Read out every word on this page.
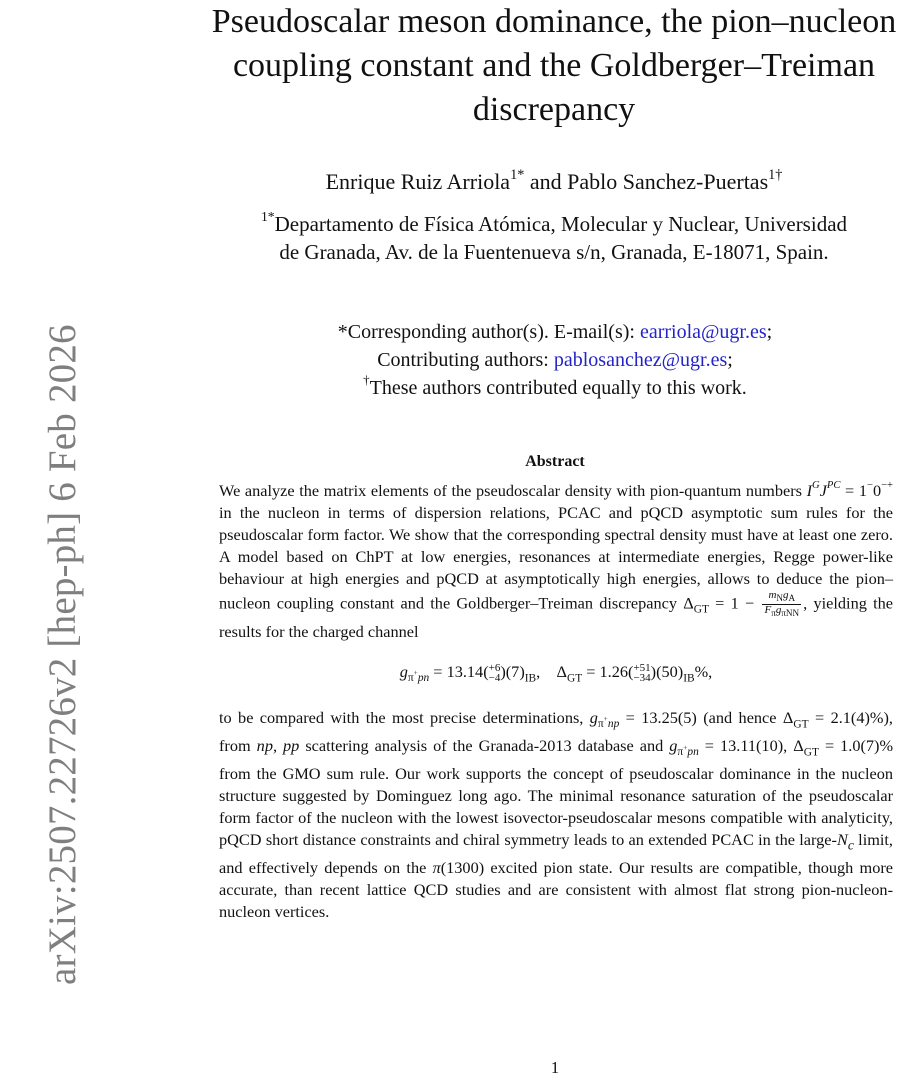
arXiv:2507.22726v2 [hep-ph] 6 Feb 2026
Pseudoscalar meson dominance, the pion–nucleon
coupling constant and the Goldberger–Treiman
discrepancy
Enrique Ruiz Arriola$^{1*}$ and Pablo Sanchez-Puertas$^{1\dagger}$
$^{1*}$Departamento de Física Atómica, Molecular y Nuclear, Universidad
de Granada, Av. de la Fuentenueva s/n, Granada, E-18071, Spain.
*Corresponding author(s). E-mail(s): earriola@ugr.es;
Contributing authors: pablosanchez@ugr.es;
†These authors contributed equally to this work.
Abstract

We analyze the matrix elements of the pseudoscalar density with pion-quantum numbers $I^GJ^{PC} = 1^-0^{-+}$ in the nucleon in terms of dispersion relations, PCAC and pQCD asymptotic sum rules for the pseudoscalar form factor. We show that the corresponding spectral density must have at least one zero. A model based on ChPT at low energies, resonances at intermediate energies, Regge power-like behaviour at high energies and pQCD at asymptotically high energies, allows to deduce the pion–nucleon coupling constant and the Goldberger–Treiman discrepancy $\Delta_{GT} = 1 - \frac{m_Ng_A}{F_\pi g_{\pi NN}}$ , yielding the results for the charged channel

$g_{\pi^+pn} = 13.14( +6$
−4 )$(7)_{IB}$,    $\Delta_{GT} = 1.26( +51$
−34 )$(50)_{IB}\%$,

to be compared with the most precise determinations, $g_{\pi^+np} = 13.25(5)$ (and hence $\Delta_{GT} = 2.1(4)\%$), from np, pp scattering analysis of the Granada-2013 database and $g_{\pi^+pn} = 13.11(10)$, $\Delta_{GT} = 1.0(7)\%$ from the GMO sum rule. Our work supports the concept of pseudoscalar dominance in the nucleon structure suggested by Dominguez long ago. The minimal resonance saturation of the pseudoscalar form factor of the nucleon with the lowest isovector-pseudoscalar mesons compatible with analyticity, pQCD short distance constraints and chiral symmetry leads to an extended PCAC in the large-$N_c$ limit, and effectively depends on the π(1300) excited pion state. Our results are compatible, though more accurate, than recent lattice QCD studies and are consistent with almost flat strong pion-nucleon-nucleon vertices.

1
